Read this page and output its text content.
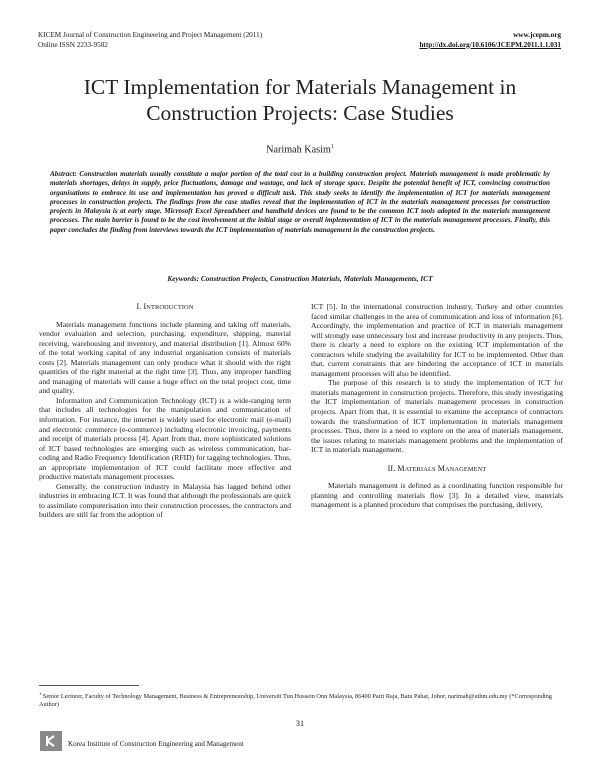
KICEM Journal of Construction Engineering and Project Management (2011)
Online ISSN 2233-9582
www.jcepm.org
http://dx.doi.org/10.6106/JCEPM.2011.1.1.031
ICT Implementation for Materials Management in
Construction Projects: Case Studies
Narimah Kasim$^1$
Abstract: Construction materials usually constitute a major portion of the total cost in a building construction project. Materials management is made problematic by materials shortages, delays in supply, price fluctuations, damage and wastage, and lack of storage space. Despite the potential benefit of ICT, convincing construction organisations to embrace its use and implementation has proved a difficult task. This study seeks to identify the implementation of ICT for materials management processes in construction projects. The findings from the case studies reveal that the implementation of ICT in the materials management processes for construction projects in Malaysia is at early stage. Microsoft Excel Spreadsheet and handheld devices are found to be the common ICT tools adopted in the materials management processes. The main barrier is found to be the cost involvement at the initial stage or overall implementation of ICT in the materials management processes. Finally, this paper concludes the finding from interviews towards the ICT implementation of materials management in the construction projects.
Keywords: Construction Projects, Construction Materials, Materials Managements, ICT
I. INTRODUCTION

Materials management functions include planning and taking off materials, vendor evaluation and selection, purchasing, expenditure, shipping, material receiving, warehousing and inventory, and material distribution [1]. Almost 60% of the total working capital of any industrial organisation consists of materials costs [2]. Materials management can only produce what it should with the right quantities of the right material at the right time [3]. Thus, any improper handling and managing of materials will cause a huge effect on the total project cost, time and quality.

Information and Communication Technology (ICT) is a wide-ranging term that includes all technologies for the manipulation and communication of information. For instance, the internet is widely used for electronic mail (e-mail) and electronic commerce (e-commerce) including electronic invoicing, payments and receipt of materials process [4]. Apart from that, more sophisticated solutions of ICT based technologies are emerging such as wireless communication, bar-coding and Radio Frequency Identification (RFID) for tagging technologies. Thus, an appropriate implementation of ICT could facilitate more effective and productive materials management processes.

Generally, the construction industry in Malaysia has lagged behind other industries in embracing ICT. It was found that although the professionals are quick to assimilate computerisation into their construction processes, the contractors and builders are still far from the adoption of

ICT [5]. In the international construction industry, Turkey and other countries faced similar challenges in the area of communication and loss of information [6]. Accordingly, the implementation and practice of ICT in materials management will strongly ease unnecessary lost and increase productivity in any projects. Thus, there is clearly a need to explore on the existing ICT implementation of the contractors while studying the availability for ICT to be implemented. Other than that, current constraints that are hindering the acceptance of ICT in materials management processes will also be identified.

The purpose of this research is to study the implementation of ICT for materials management in construction projects. Therefore, this study investigating the ICT implementation of materials management processes in construction projects. Apart from that, it is essential to examine the acceptance of contractors towards the transformation of ICT implementation in materials management processes. Thus, there is a need to explore on the area of materials management, the issues relating to materials management problems and the implementation of ICT in materials management.

II. MATERIALS MANAGEMENT

Materials management is defined as a coordinating function responsible for planning and controlling materials flow [3]. In a detailed view, materials management is a planned procedure that comprises the purchasing, delivery,

$^1$ Senior Lecturer, Faculty of Technology Management, Business & Entrepreneurship, Universiti Tun Hussein Onn Malaysia, 86400 Parit Raja, Batu Pahat, Johor, narimah@uthm.edu.my (*Corresponding Author)
31
Korea Institute of Construction Engineering and Management
